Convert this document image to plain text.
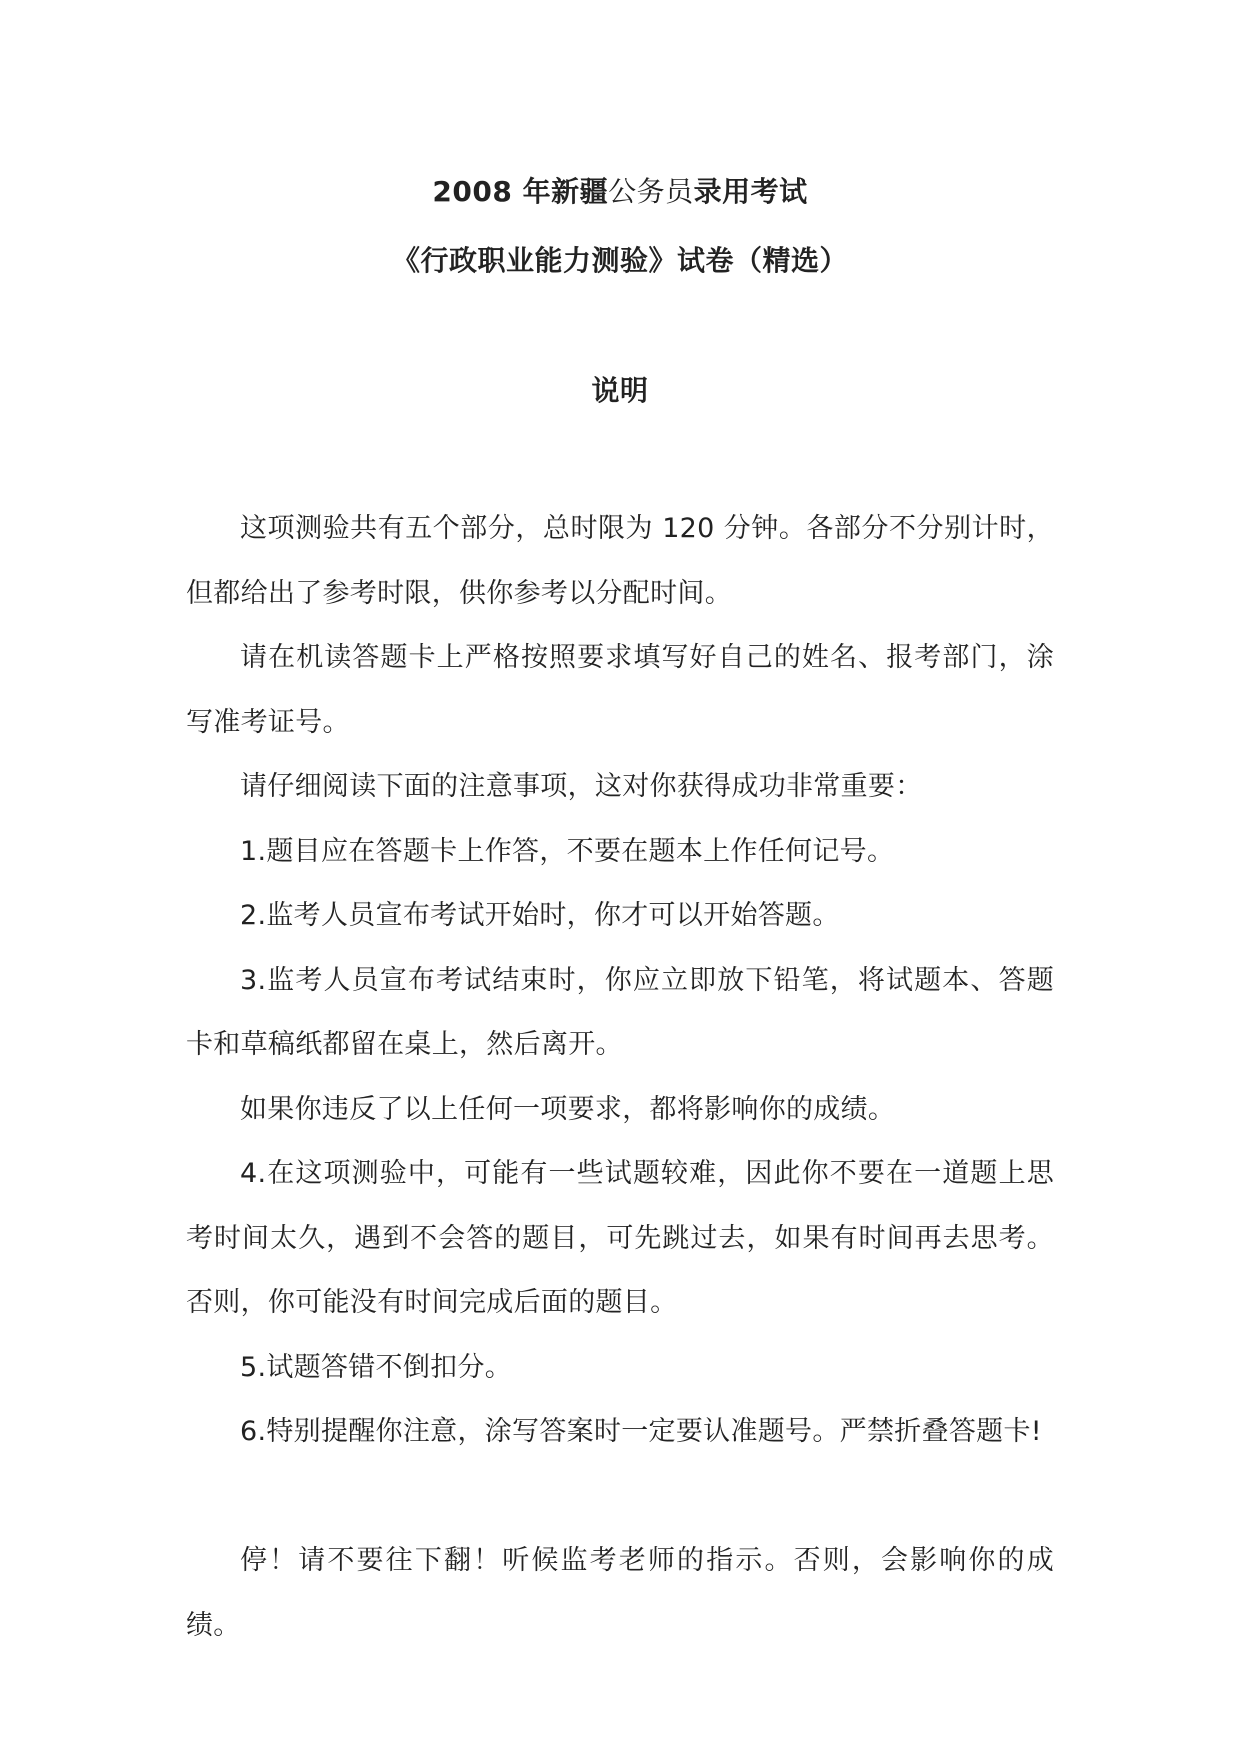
2008 年新疆公务员录用考试
《行政职业能力测验》试卷（精选）
说明

这项测验共有五个部分，总时限为 120 分钟。各部分不分别计时，但都给出了参考时限，供你参考以分配时间。

请在机读答题卡上严格按照要求填写好自己的姓名、报考部门，涂写准考证号。

请仔细阅读下面的注意事项，这对你获得成功非常重要：

1.题目应在答题卡上作答，不要在题本上作任何记号。

2.监考人员宣布考试开始时，你才可以开始答题。

3.监考人员宣布考试结束时，你应立即放下铅笔，将试题本、答题卡和草稿纸都留在桌上，然后离开。

如果你违反了以上任何一项要求，都将影响你的成绩。

4.在这项测验中，可能有一些试题较难，因此你不要在一道题上思考时间太久，遇到不会答的题目，可先跳过去，如果有时间再去思考。否则，你可能没有时间完成后面的题目。

5.试题答错不倒扣分。

6.特别提醒你注意，涂写答案时一定要认准题号。严禁折叠答题卡!

停！请不要往下翻！听候监考老师的指示。否则，会影响你的成绩。
